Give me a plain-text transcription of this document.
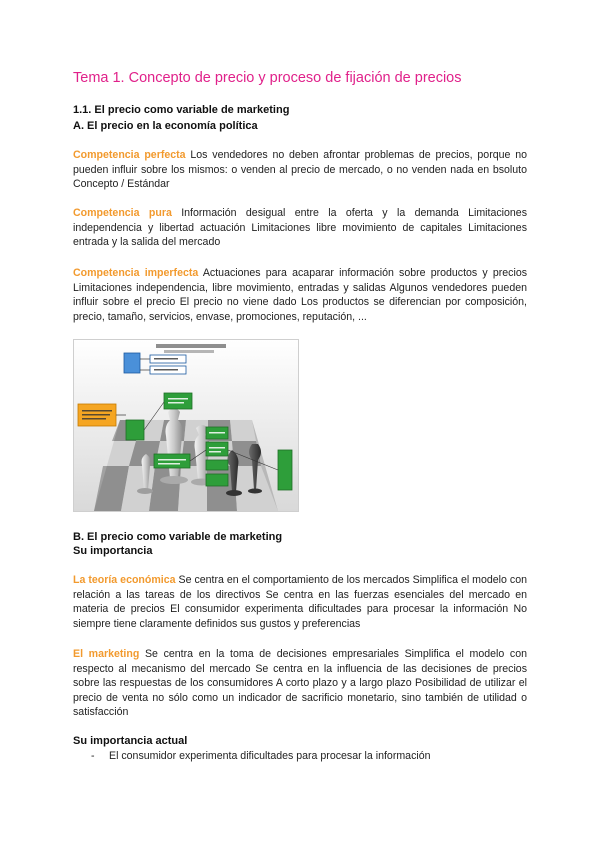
Tema 1. Concepto de precio y proceso de fijación de precios
1.1. El precio como variable de marketing
A. El precio en la economía política
Competencia perfecta Los vendedores no deben afrontar problemas de precios, porque no pueden influir sobre los mismos: o venden al precio de mercado, o no venden nada en bsoluto Concepto / Estándar
Competencia pura Información desigual entre la oferta y la demanda Limitaciones independencia y libertad actuación Limitaciones libre movimiento de capitales Limitaciones entrada y la salida del mercado
Competencia imperfecta Actuaciones para acaparar información sobre productos y precios Limitaciones independencia, libre movimiento, entradas y salidas Algunos vendedores pueden influir sobre el precio El precio no viene dado Los productos se diferencian por composición, precio, tamaño, servicios, envase, promociones, reputación, ...
B. El precio como variable de marketing
Su importancia
La teoría económica Se centra en el comportamiento de los mercados Simplifica el modelo con relación a las tareas de los directivos Se centra en las fuerzas esenciales del mercado en materia de precios El consumidor experimenta dificultades para procesar la información No siempre tiene claramente definidos sus gustos y preferencias
El marketing Se centra en la toma de decisiones empresariales Simplifica el modelo con respecto al mecanismo del mercado Se centra en la influencia de las decisiones de precios sobre las respuestas de los consumidores A corto plazo y a largo plazo Posibilidad de utilizar el precio de venta no sólo como un indicador de sacrificio monetario, sino también de utilidad o satisfacción
Su importancia actual
- El consumidor experimenta dificultades para procesar la información
